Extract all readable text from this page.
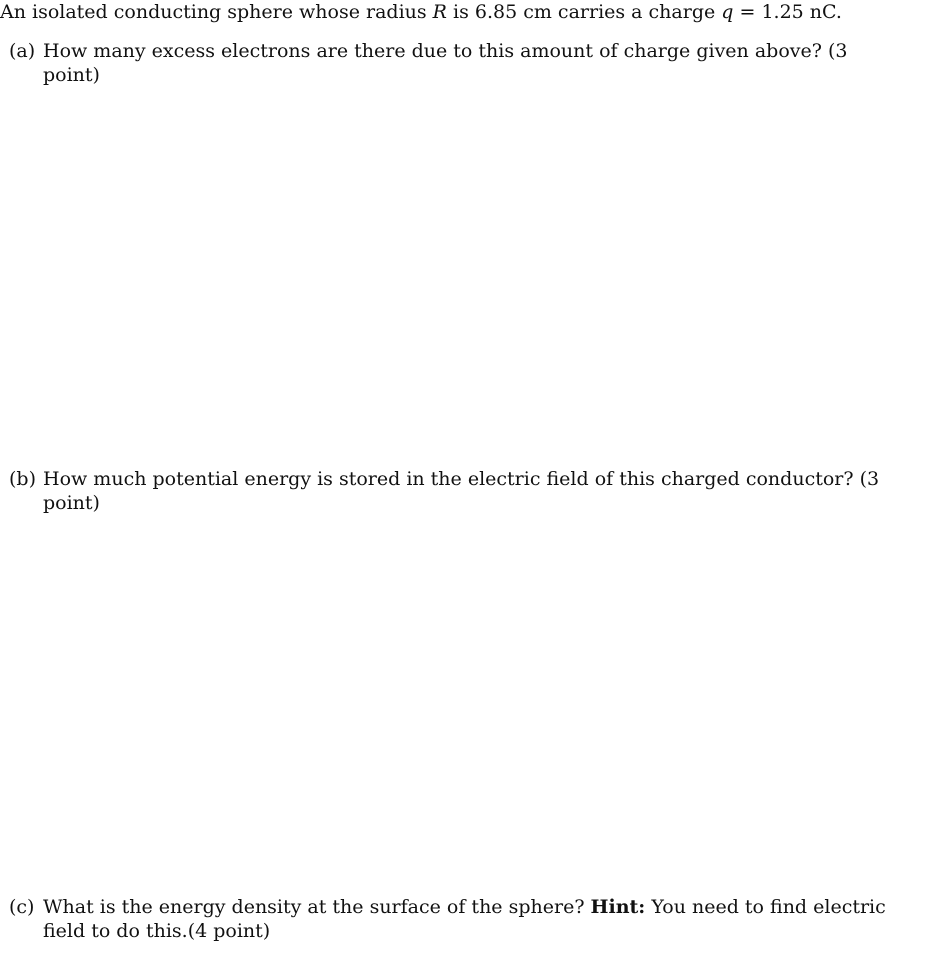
An isolated conducting sphere whose radius R is 6.85 cm carries a charge q = 1.25 nC.
(a) How many excess electrons are there due to this amount of charge given above? (3 point)
(b) How much potential energy is stored in the electric field of this charged conductor? (3 point)
(c) What is the energy density at the surface of the sphere? Hint: You need to find electric field to do this.(4 point)
